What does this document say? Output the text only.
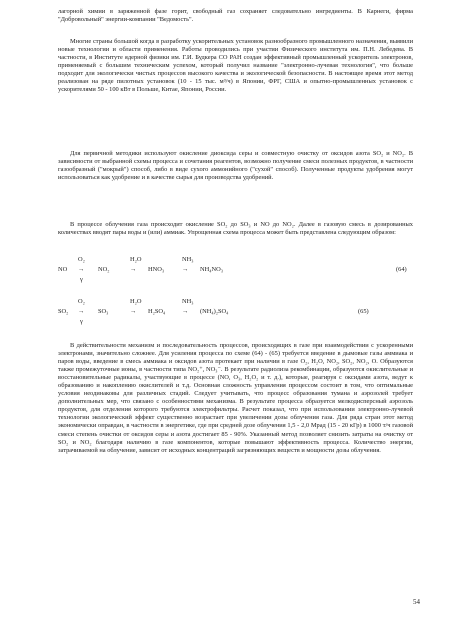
лагорной химии в заряженной фазе горит, свободный газ сохраняет следовательно ингредиенты. В Карнеги, фирма "Добровольный" энергии-компании "Ведомость".

Многие страны большой когда в разработку ускорительных установок разнообразного промышленного назначения, выявили новые технологии и области применения. Работы проводились при участии Физического института им. П.Н. Лебедева. В частности, в Институте ядерной физики им. Г.И. Будкера СО РАН создан эффективный промышленный ускоритель электронов, применяемый с большим техническим успехом, который получил название "электронно-лучевая технология", что больше подходит для экологически чистых процессов высокого качества и экологической безопасности. В настоящее время этот метод реализован на ряде пилотных установок (10 - 15 тыс. м³/ч) в Японии, ФРГ, США и опытно-промышленных установок с ускорителями 50 - 100 кВт в Польше, Китае, Японии, России.

Для первичной методики используют окисление диоксида серы и совместную очистку от оксидов азота SO₂ и NO₂. В зависимости от выбранной схемы процесса и сочетания реагентов, возможно получение смеси полезных продуктов, в частности газообразный ("мокрый") способ, либо в виде сухого аммонийного ("сухой" способ). Полученные продукты удобрения могут использоваться как удобрение и в качестве сырья для производства удобрений.

В процессе облучения газа происходит окисление SO₂ до SO₃ и NO до NO₂. Далее в газовую смесь в дозированных количествах вводят пары воды и (или) аммиак. Упрощенная схема процесса может быть представлена следующим образом:

O₂	H₂O	NH₃
NO → NO₂	→ HNO₃	→ NH₄NO₃
γ
(64)
O₂	H₂O	NH₃
SO₂ → SO₃	→ H₂SO₄	→ (NH₄)₂SO₄
γ
(65)

В действительности механизм и последовательность процессов, происходящих в газе при взаимодействии с ускоренными электронами, значительно сложнее. Для усиления процесса по схеме (64) - (65) требуется введение в дымовые газы аммиака и паров воды, введение в смесь аммиака и оксидов азота протекает при наличии в газе О₂, H₂O, NO₂, SO₂, NO₂, O. Образуются также промежуточные ионы, в частности типа NO₂⁺, NO₃⁻. В результате радиолиза рекомбинации, образуются окислительные и восстановительные радикалы, участвующие в процессе (NO, O₃, H₂O₂ и т. д.), которые, реагируя с оксидами азота, ведут к образованию и накоплению окислителей и т.д. Основная сложность управления процессом состоит в том, что оптимальные условия неодинаковы для различных стадий. Следует учитывать, что процесс образования тумана и аэрозолей требует дополнительных мер, что связано с особенностями механизма. В результате процесса образуется мелкодисперсный аэрозоль продуктов, для отделения которого требуются электрофильтры. Расчет показал, что при использовании электронно-лучевой технологии экологический эффект существенно возрастает при увеличении дозы облучения газа. Для ряда стран этот метод экономически оправдан, в частности в энергетике, где при средней дозе облучения 1,5 - 2,0 Мрад (15 - 20 кГр) в 1000 т/ч газовой смеси степень очистки от оксидов серы и азота достигает 85 - 90%. Указанный метод позволяет снизить затраты на очистку от SO₂ и NO₂ благодаря наличию в газе компонентов, которые повышают эффективность процесса. Количество энергии, затрачиваемой на облучение, зависит от исходных концентраций загрязняющих веществ и мощности дозы облучения.

54
